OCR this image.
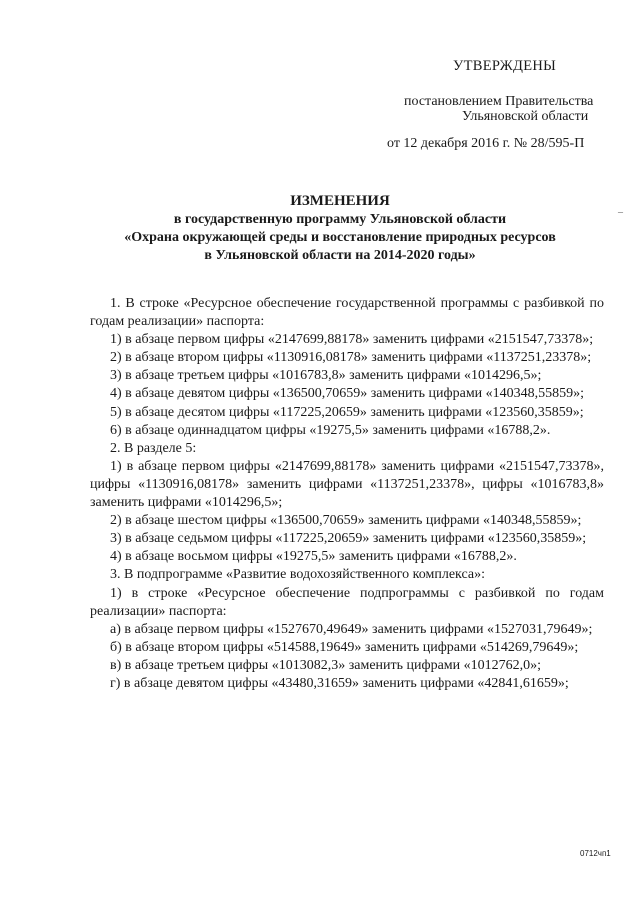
УТВЕРЖДЕНЫ
постановлением Правительства
Ульяновской области
от 12 декабря 2016 г. № 28/595-П
ИЗМЕНЕНИЯ
в государственную программу Ульяновской области
«Охрана окружающей среды и восстановление природных ресурсов
в Ульяновской области на 2014-2020 годы»
–

1. В строке «Ресурсное обеспечение государственной программы с разбивкой по годам реализации» паспорта:

1) в абзаце первом цифры «2147699,88178» заменить цифрами «2151547,73378»;

2) в абзаце втором цифры «1130916,08178» заменить цифрами «1137251,23378»;

3) в абзаце третьем цифры «1016783,8» заменить цифрами «1014296,5»;

4) в абзаце девятом цифры «136500,70659» заменить цифрами «140348,55859»;

5) в абзаце десятом цифры «117225,20659» заменить цифрами «123560,35859»;

6) в абзаце одиннадцатом цифры «19275,5» заменить цифрами «16788,2».

2. В разделе 5:

1) в абзаце первом цифры «2147699,88178» заменить цифрами «2151547,73378», цифры «1130916,08178» заменить цифрами «1137251,23378», цифры «1016783,8» заменить цифрами «1014296,5»;

2) в абзаце шестом цифры «136500,70659» заменить цифрами «140348,55859»;

3) в абзаце седьмом цифры «117225,20659» заменить цифрами «123560,35859»;

4) в абзаце восьмом цифры «19275,5» заменить цифрами «16788,2».

3. В подпрограмме «Развитие водохозяйственного комплекса»:

1) в строке «Ресурсное обеспечение подпрограммы с разбивкой по годам реализации» паспорта:

а) в абзаце первом цифры «1527670,49649» заменить цифрами «1527031,79649»;

б) в абзаце втором цифры «514588,19649» заменить цифрами «514269,79649»;

в) в абзаце третьем цифры «1013082,3» заменить цифрами «1012762,0»;

г) в абзаце девятом цифры «43480,31659» заменить цифрами «42841,61659»;

0712чп1
